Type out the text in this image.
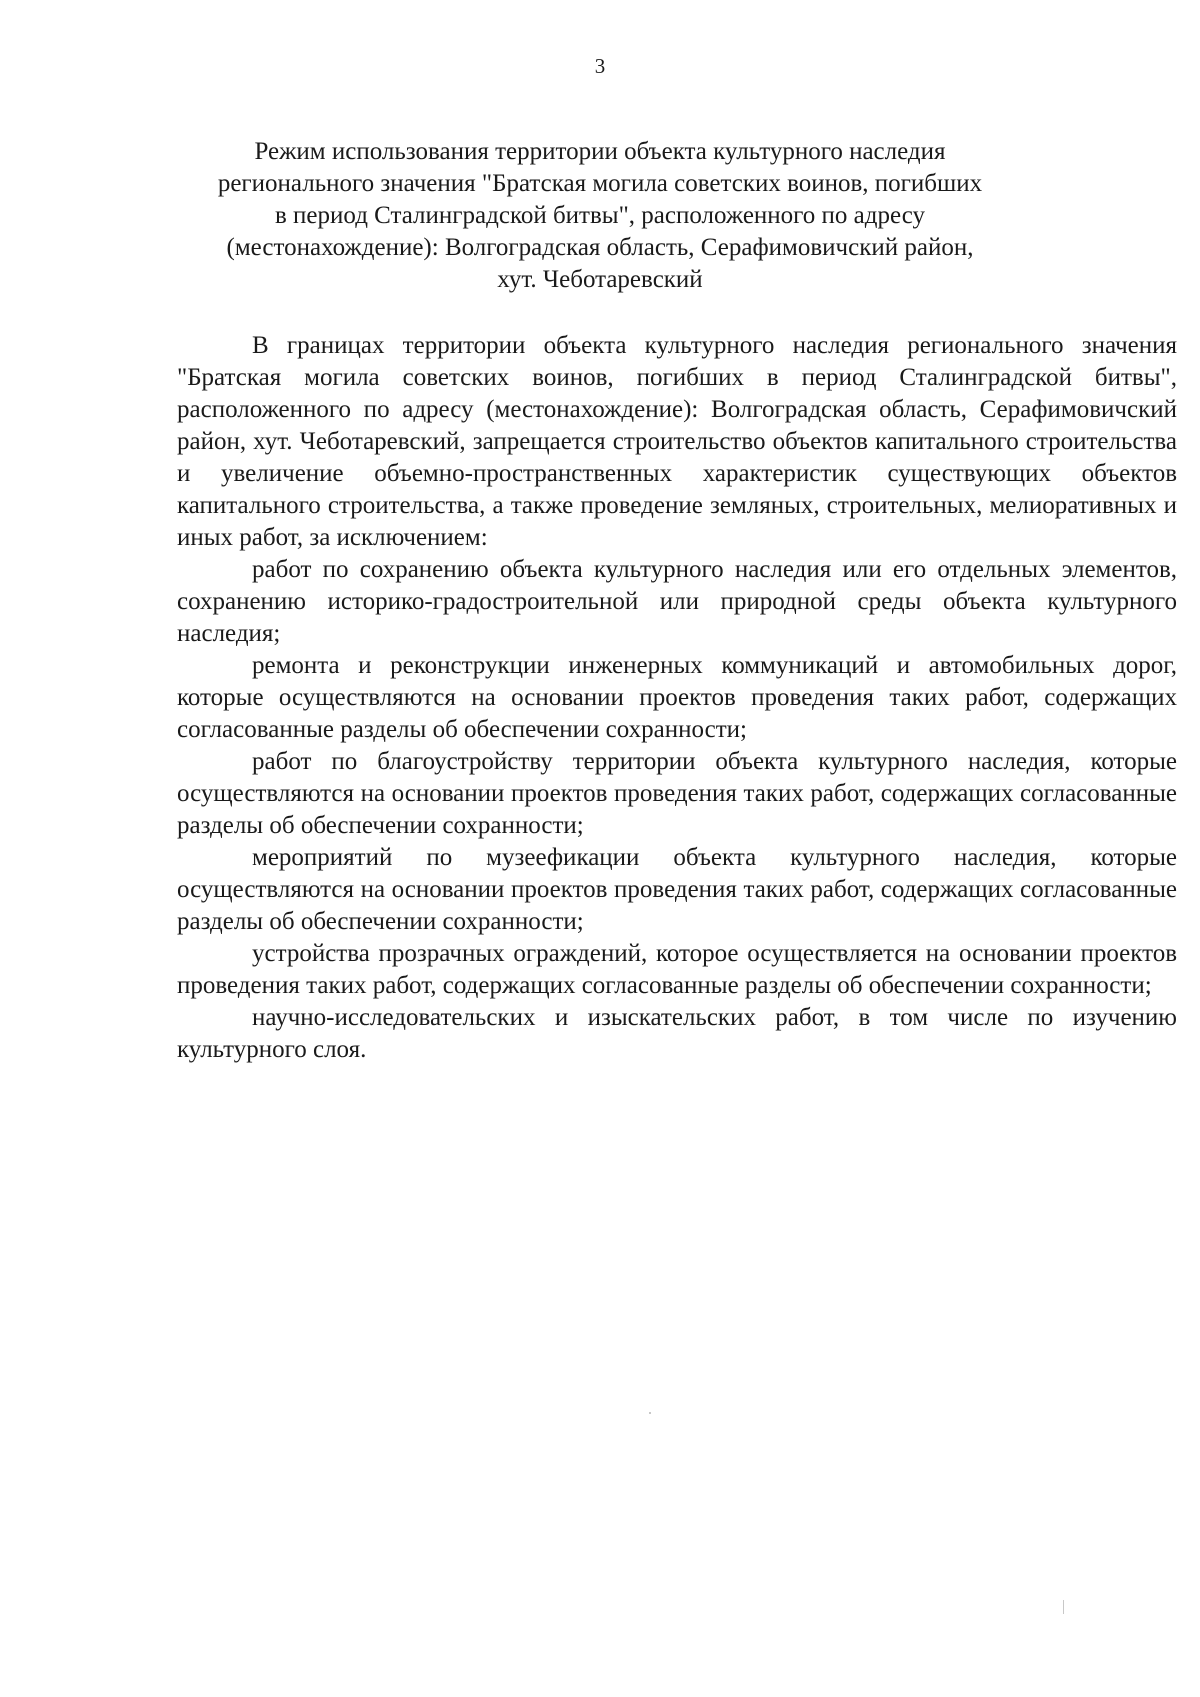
3
Режим использования территории объекта культурного наследия
регионального значения "Братская могила советских воинов, погибших
в период Сталинградской битвы", расположенного по адресу
(местонахождение): Волгоградская область, Серафимовичский район,
хут. Чеботаревский

В границах территории объекта культурного наследия регионального значения "Братская могила советских воинов, погибших в период Сталинградской битвы", расположенного по адресу (местонахождение): Волгоградская область, Серафимовичский район, хут. Чеботаревский, запрещается строительство объектов капитального строительства и увеличение объемно-пространственных характеристик существующих объектов капитального строительства, а также проведение земляных, строительных, мелиоративных и иных работ, за исключением:

работ по сохранению объекта культурного наследия или его отдельных элементов, сохранению историко-градостроительной или природной среды объекта культурного наследия;

ремонта и реконструкции инженерных коммуникаций и автомобильных дорог, которые осуществляются на основании проектов проведения таких работ, содержащих согласованные разделы об обеспечении сохранности;

работ по благоустройству территории объекта культурного наследия, которые осуществляются на основании проектов проведения таких работ, содержащих согласованные разделы об обеспечении сохранности;

мероприятий по музеефикации объекта культурного наследия, которые осуществляются на основании проектов проведения таких работ, содержащих согласованные разделы об обеспечении сохранности;

устройства прозрачных ограждений, которое осуществляется на основании проектов проведения таких работ, содержащих согласованные разделы об обеспечении сохранности;

научно-исследовательских и изыскательских работ, в том числе по изучению культурного слоя.
